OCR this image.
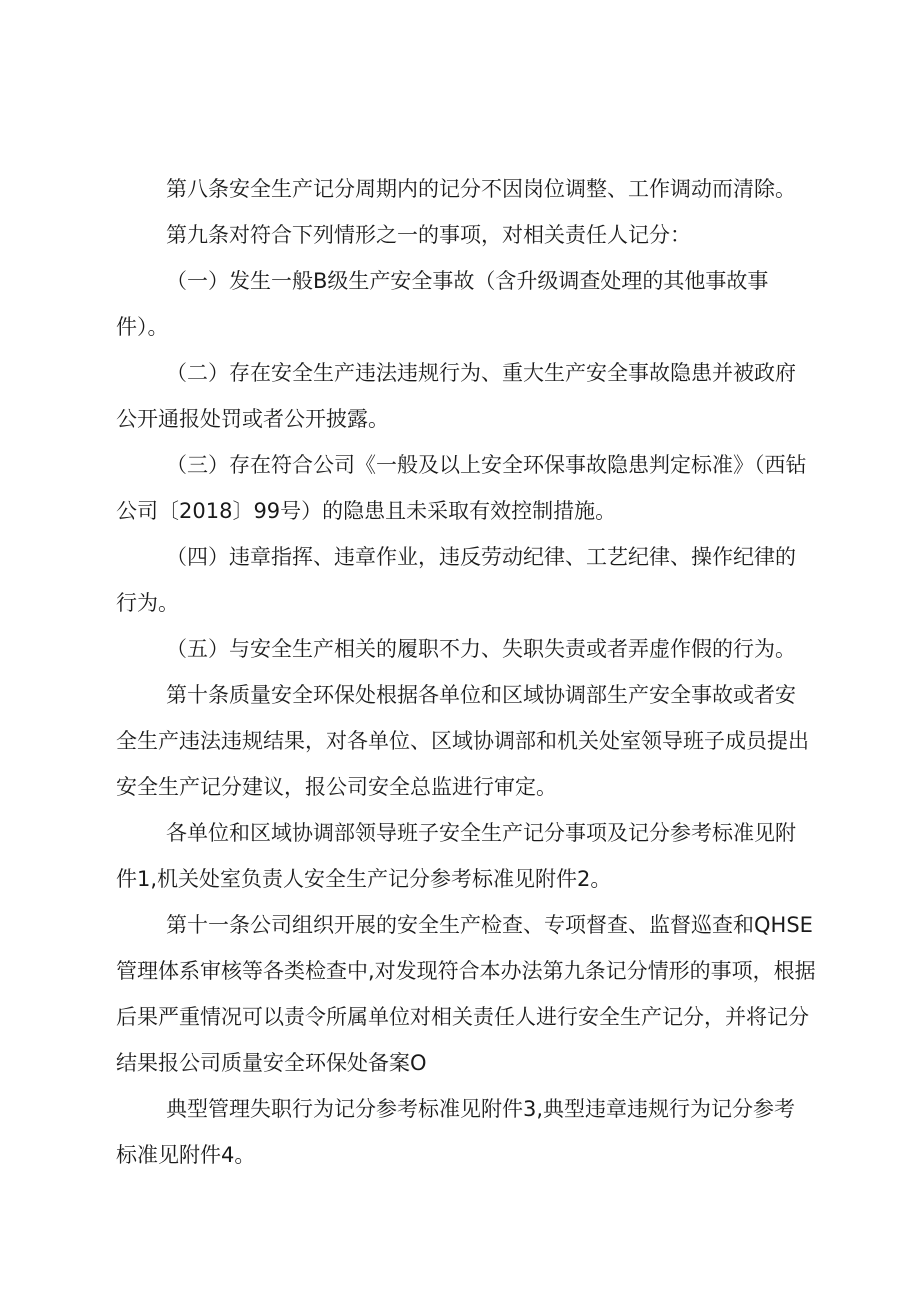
第八条安全生产记分周期内的记分不因岗位调整、工作调动而清除。

第九条对符合下列情形之一的事项，对相关责任人记分：

（一）发生一般B级生产安全事故（含升级调查处理的其他事故事件）。

（二）存在安全生产违法违规行为、重大生产安全事故隐患并被政府公开通报处罚或者公开披露。

（三）存在符合公司《一般及以上安全环保事故隐患判定标准》（西钻公司〔2018〕99号）的隐患且未采取有效控制措施。

（四）违章指挥、违章作业，违反劳动纪律、工艺纪律、操作纪律的行为。

（五）与安全生产相关的履职不力、失职失责或者弄虚作假的行为。

第十条质量安全环保处根据各单位和区域协调部生产安全事故或者安全生产违法违规结果，对各单位、区域协调部和机关处室领导班子成员提出安全生产记分建议，报公司安全总监进行审定。

各单位和区域协调部领导班子安全生产记分事项及记分参考标准见附件1,机关处室负责人安全生产记分参考标准见附件2。

第十一条公司组织开展的安全生产检查、专项督查、监督巡查和QHSE管理体系审核等各类检查中,对发现符合本办法第九条记分情形的事项，根据后果严重情况可以责令所属单位对相关责任人进行安全生产记分，并将记分结果报公司质量安全环保处备案O

典型管理失职行为记分参考标准见附件3,典型违章违规行为记分参考标准见附件4。
